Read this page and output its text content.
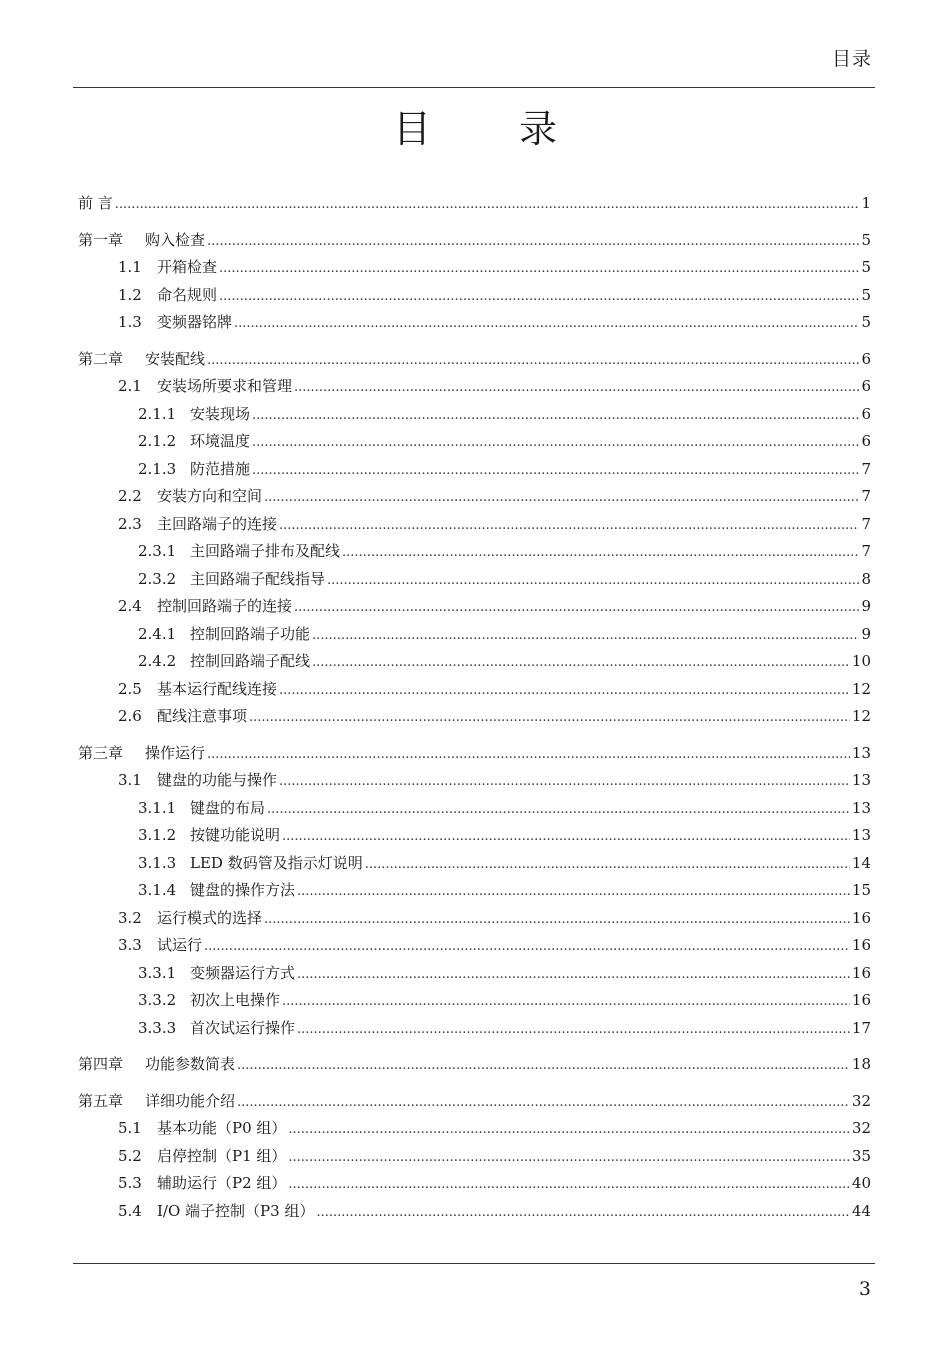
目录
目 录
前 言 .....	1
第一章	购入检查 .....	5
1.1	开箱检查 .....	5
1.2	命名规则 .....	5
1.3	变频器铭牌 .....	5
第二章	安装配线 .....	6
2.1	安装场所要求和管理 .....	6
2.1.1 安装现场 .....	6
2.1.2 环境温度 .....	6
2.1.3 防范措施 .....	7
2.2	安装方向和空间 .....	7
2.3	主回路端子的连接 .....	7
2.3.1 主回路端子排布及配线 .....	7
2.3.2 主回路端子配线指导 .....	8
2.4	控制回路端子的连接 .....	9
2.4.1 控制回路端子功能 .....	9
2.4.2 控制回路端子配线 .....	10
2.5	基本运行配线连接 .....	12
2.6	配线注意事项 .....	12
第三章	操作运行 .....	13
3.1	键盘的功能与操作 .....	13
3.1.1 键盘的布局 .....	13
3.1.2 按键功能说明 .....	13
3.1.3 LED 数码管及指示灯说明 .....	14
3.1.4 键盘的操作方法 .....	15
3.2	运行模式的选择 .....	16
3.3	试运行 .....	16
3.3.1 变频器运行方式 .....	16
3.3.2 初次上电操作 .....	16
3.3.3 首次试运行操作 .....	17
第四章	功能参数简表 .....	18
第五章	详细功能介绍 .....	32
5.1	基本功能（P0 组） .....	32
5.2	启停控制（P1 组） .....	35
5.3	辅助运行（P2 组） .....	40
5.4	I/O 端子控制（P3 组） .....	44
3
